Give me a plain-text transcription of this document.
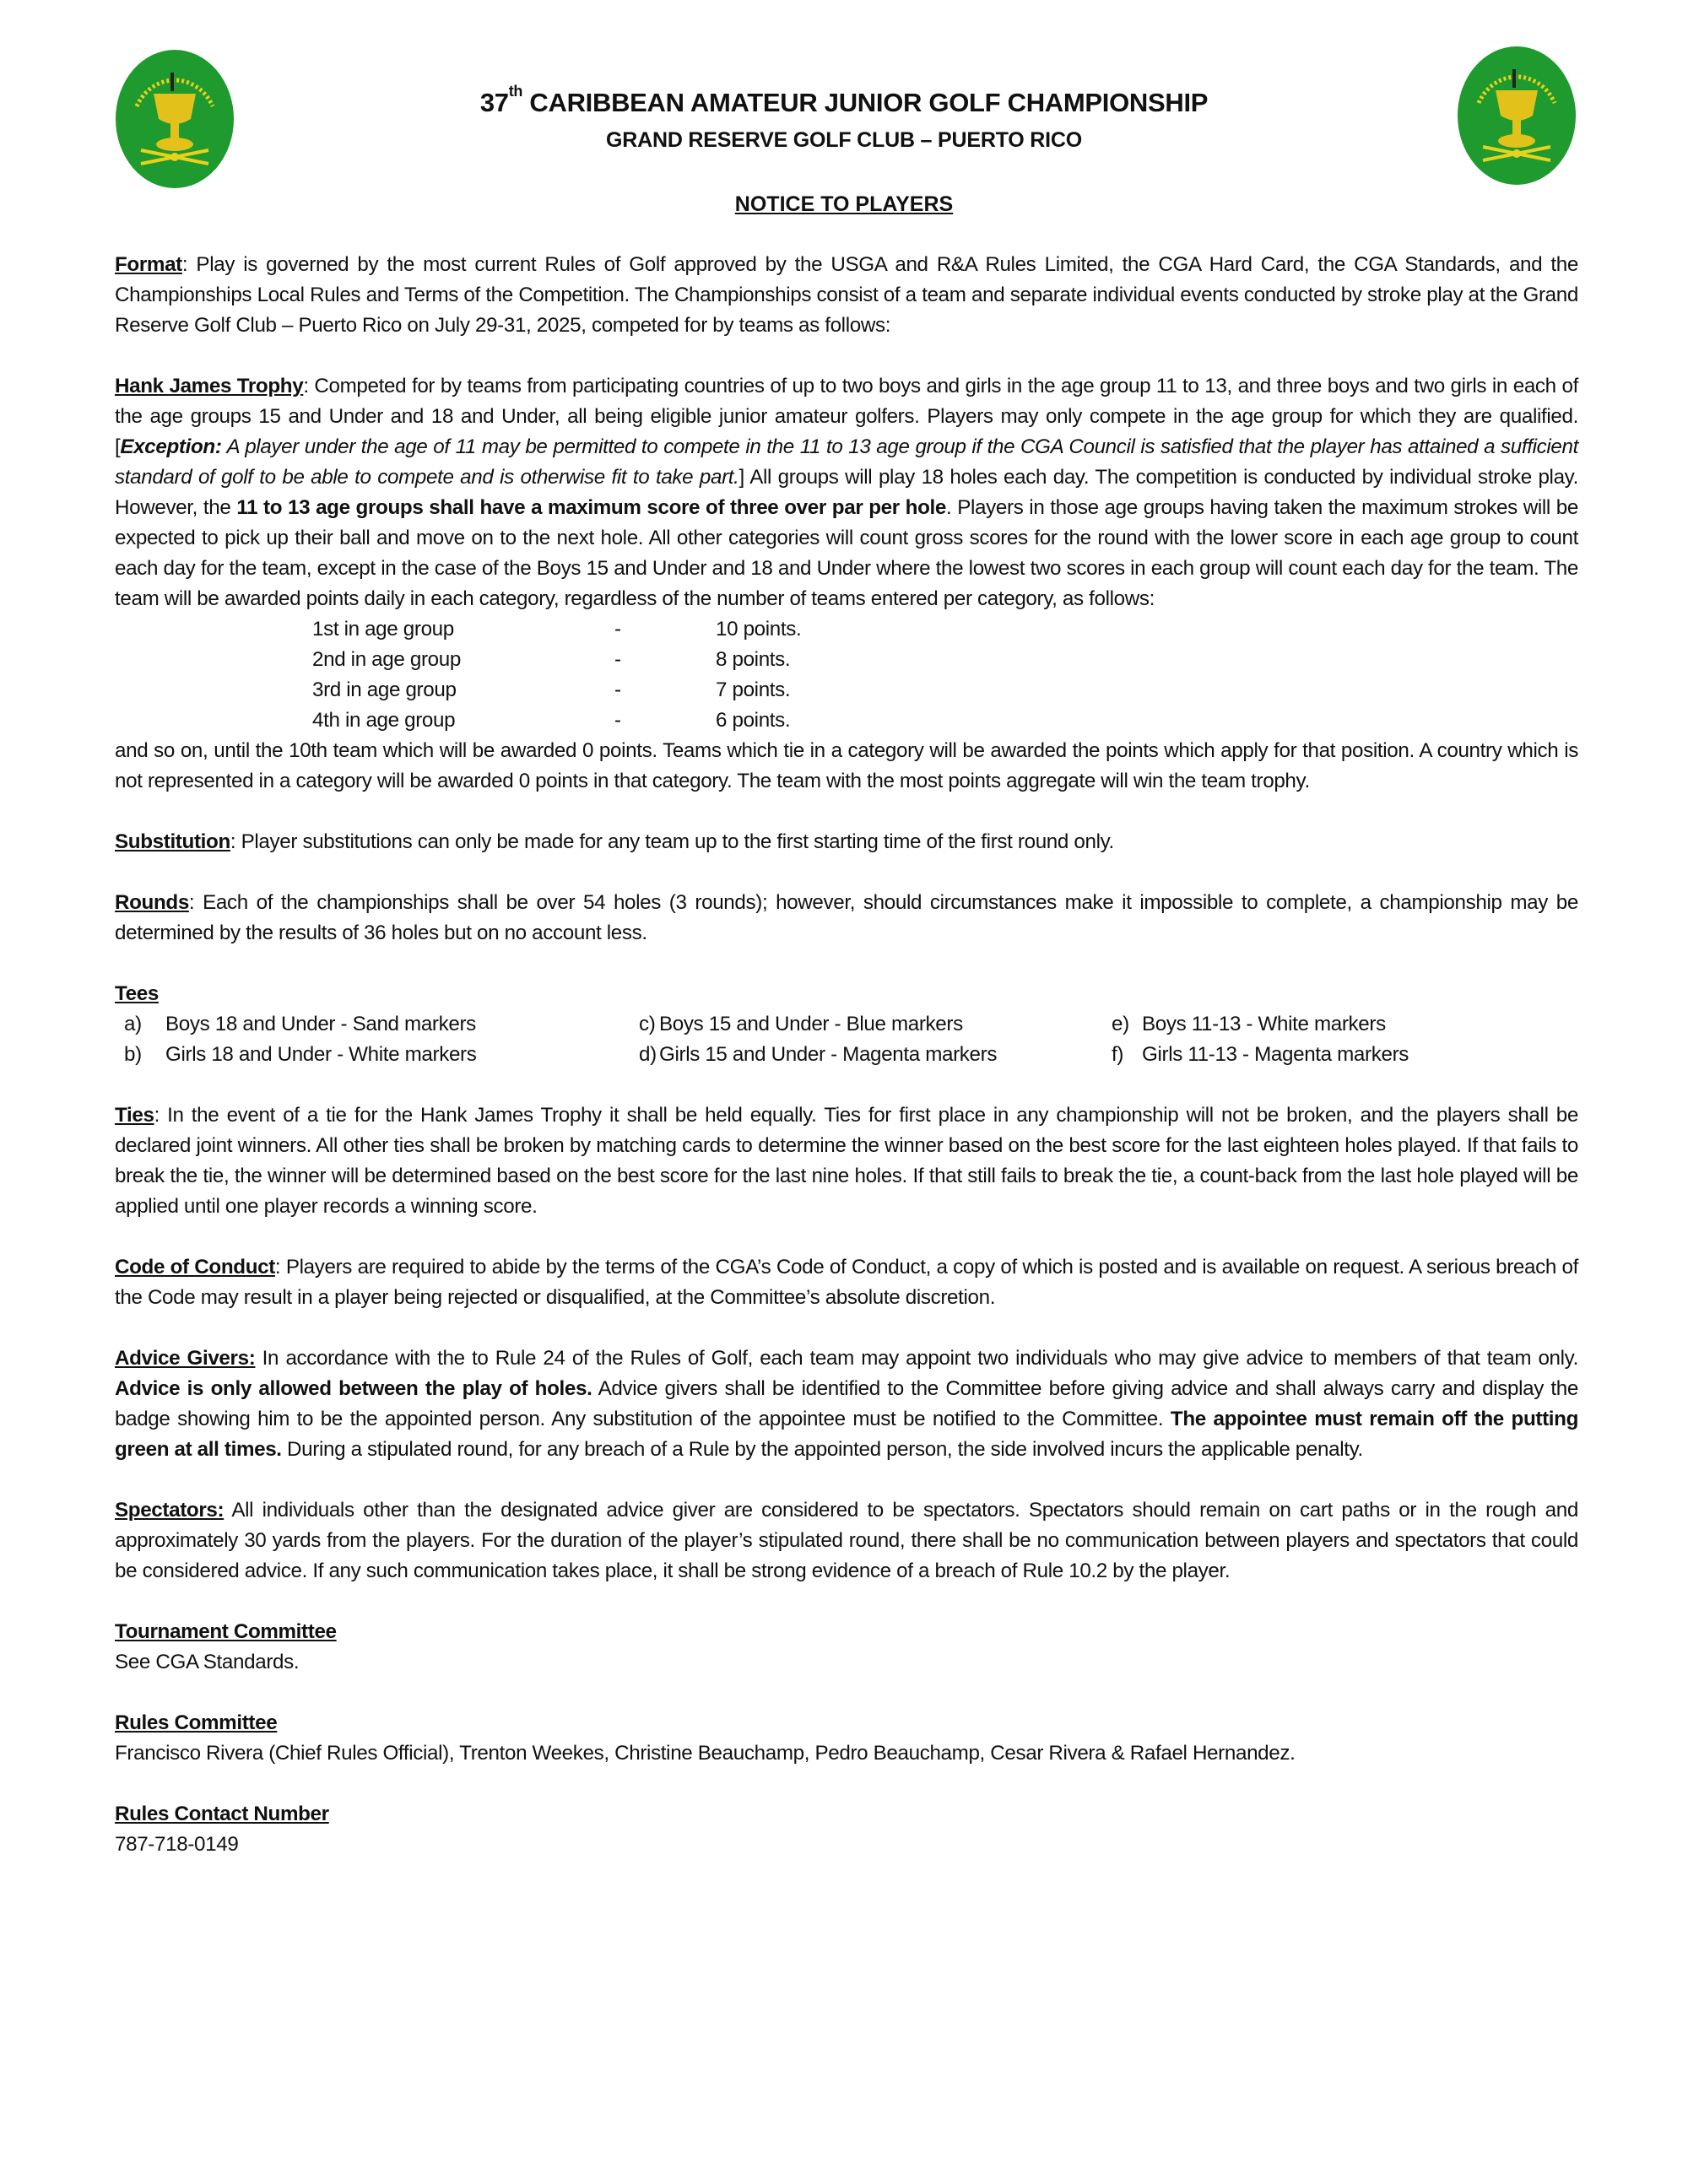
37th CARIBBEAN AMATEUR JUNIOR GOLF CHAMPIONSHIP
GRAND RESERVE GOLF CLUB – PUERTO RICO
NOTICE TO PLAYERS

Format: Play is governed by the most current Rules of Golf approved by the USGA and R&A Rules Limited, the CGA Hard Card, the CGA Standards, and the Championships Local Rules and Terms of the Competition. The Championships consist of a team and separate individual events conducted by stroke play at the Grand Reserve Golf Club – Puerto Rico on July 29-31, 2025, competed for by teams as follows:

Hank James Trophy: Competed for by teams from participating countries of up to two boys and girls in the age group 11 to 13, and three boys and two girls in each of the age groups 15 and Under and 18 and Under, all being eligible junior amateur golfers. Players may only compete in the age group for which they are qualified. [Exception: A player under the age of 11 may be permitted to compete in the 11 to 13 age group if the CGA Council is satisfied that the player has attained a sufficient standard of golf to be able to compete and is otherwise fit to take part.] All groups will play 18 holes each day. The competition is conducted by individual stroke play. However, the 11 to 13 age groups shall have a maximum score of three over par per hole. Players in those age groups having taken the maximum strokes will be expected to pick up their ball and move on to the next hole. All other categories will count gross scores for the round with the lower score in each age group to count each day for the team, except in the case of the Boys 15 and Under and 18 and Under where the lowest two scores in each group will count each day for the team. The team will be awarded points daily in each category, regardless of the number of teams entered per category, as follows:

1st in age group	-	10 points.
2nd in age group	-	8 points.
3rd in age group	-	7 points.
4th in age group	-	6 points.

and so on, until the 10th team which will be awarded 0 points. Teams which tie in a category will be awarded the points which apply for that position. A country which is not represented in a category will be awarded 0 points in that category. The team with the most points aggregate will win the team trophy.

Substitution: Player substitutions can only be made for any team up to the first starting time of the first round only.

Rounds: Each of the championships shall be over 54 holes (3 rounds); however, should circumstances make it impossible to complete, a championship may be determined by the results of 36 holes but on no account less.

Tees
a)	Boys 18 and Under - Sand markers	c) Boys 15 and Under - Blue markers	e) Boys 11-13 - White markers
b)	Girls 18 and Under - White markers	d) Girls 15 and Under - Magenta markers	f) Girls 11-13 - Magenta markers

Ties: In the event of a tie for the Hank James Trophy it shall be held equally. Ties for first place in any championship will not be broken, and the players shall be declared joint winners. All other ties shall be broken by matching cards to determine the winner based on the best score for the last eighteen holes played. If that fails to break the tie, the winner will be determined based on the best score for the last nine holes. If that still fails to break the tie, a count-back from the last hole played will be applied until one player records a winning score.

Code of Conduct: Players are required to abide by the terms of the CGA’s Code of Conduct, a copy of which is posted and is available on request. A serious breach of the Code may result in a player being rejected or disqualified, at the Committee’s absolute discretion.

Advice Givers: In accordance with the to Rule 24 of the Rules of Golf, each team may appoint two individuals who may give advice to members of that team only. Advice is only allowed between the play of holes. Advice givers shall be identified to the Committee before giving advice and shall always carry and display the badge showing him to be the appointed person. Any substitution of the appointee must be notified to the Committee. The appointee must remain off the putting green at all times. During a stipulated round, for any breach of a Rule by the appointed person, the side involved incurs the applicable penalty.

Spectators: All individuals other than the designated advice giver are considered to be spectators. Spectators should remain on cart paths or in the rough and approximately 30 yards from the players. For the duration of the player’s stipulated round, there shall be no communication between players and spectators that could be considered advice. If any such communication takes place, it shall be strong evidence of a breach of Rule 10.2 by the player.

Tournament Committee

See CGA Standards.

Rules Committee

Francisco Rivera (Chief Rules Official), Trenton Weekes, Christine Beauchamp, Pedro Beauchamp, Cesar Rivera & Rafael Hernandez.

Rules Contact Number

787-718-0149
